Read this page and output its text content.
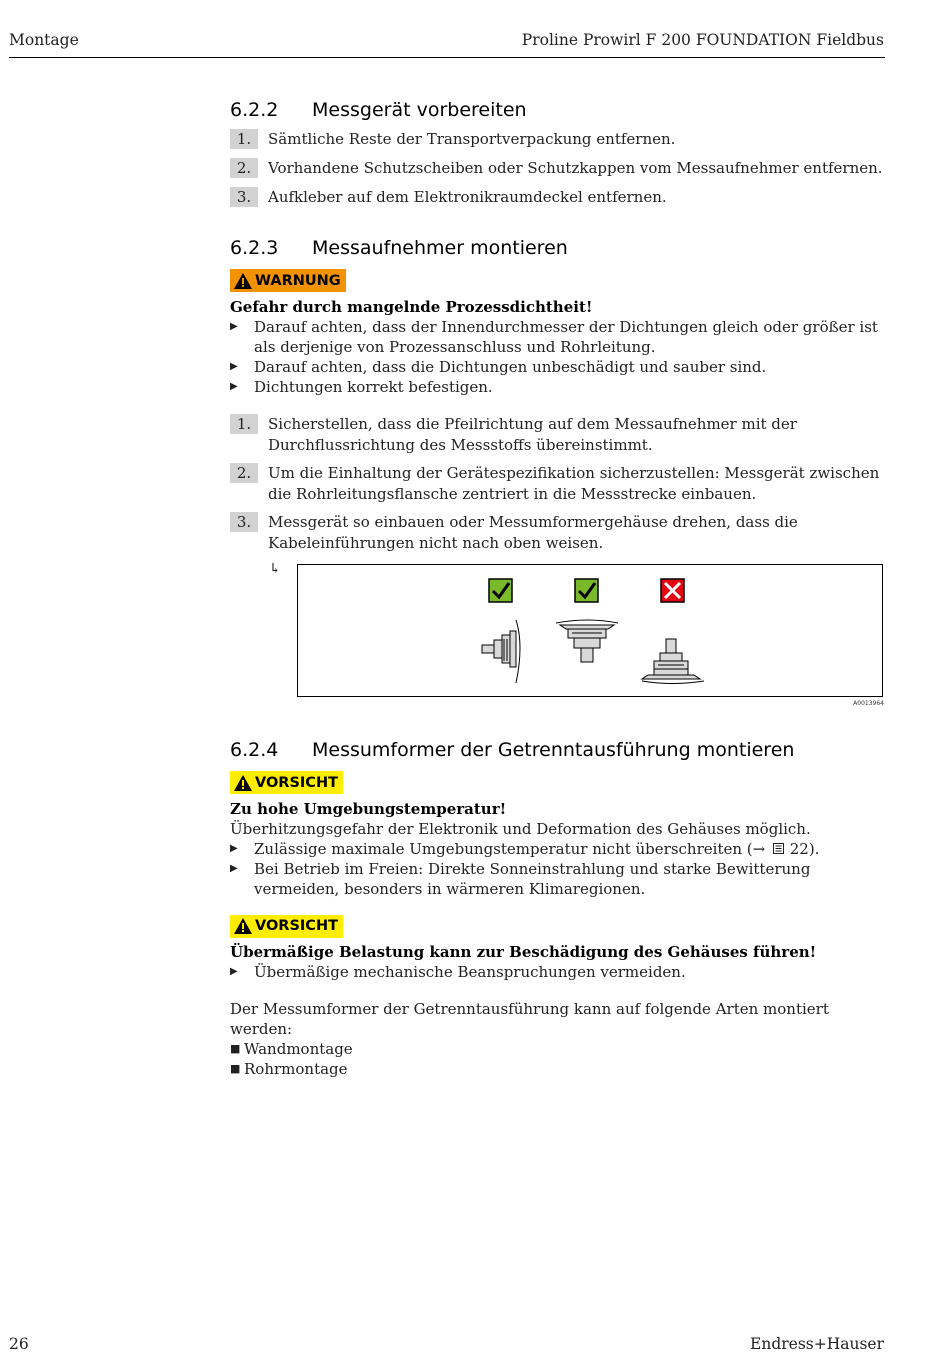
Montage	Proline Prowirl F 200 FOUNDATION Fieldbus
6.2.2	Messgerät vorbereiten
1.	Sämtliche Reste der Transportverpackung entfernen.
2.	Vorhandene Schutzscheiben oder Schutzkappen vom Messaufnehmer entfernen.
3.	Aufkleber auf dem Elektronikraumdeckel entfernen.
6.2.3	Messaufnehmer montieren
WARNUNG
Gefahr durch mangelnde Prozessdichtheit!
▶	Darauf achten, dass der Innendurchmesser der Dichtungen gleich oder größer ist als derjenige von Prozessanschluss und Rohrleitung.
▶	Darauf achten, dass die Dichtungen unbeschädigt und sauber sind.
▶	Dichtungen korrekt befestigen.
1.	Sicherstellen, dass die Pfeilrichtung auf dem Messaufnehmer mit der Durchflussrichtung des Messstoffs übereinstimmt.
2.	Um die Einhaltung der Gerätespezifikation sicherzustellen: Messgerät zwischen die Rohrleitungsflansche zentriert in die Messstrecke einbauen.
3.	Messgerät so einbauen oder Messumformergehäuse drehen, dass die Kabeleinführungen nicht nach oben weisen.
↳
A0013964
6.2.4	Messumformer der Getrenntausführung montieren
VORSICHT
Zu hohe Umgebungstemperatur!
Überhitzungsgefahr der Elektronik und Deformation des Gehäuses möglich.
▶	Zulässige maximale Umgebungstemperatur nicht überschreiten (→  22).
▶	Bei Betrieb im Freien: Direkte Sonneinstrahlung und starke Bewitterung vermeiden, besonders in wärmeren Klimaregionen.
VORSICHT
Übermäßige Belastung kann zur Beschädigung des Gehäuses führen!
▶	Übermäßige mechanische Beanspruchungen vermeiden.
Der Messumformer der Getrenntausführung kann auf folgende Arten montiert werden:
■ Wandmontage
■ Rohrmontage
26	Endress+Hauser
